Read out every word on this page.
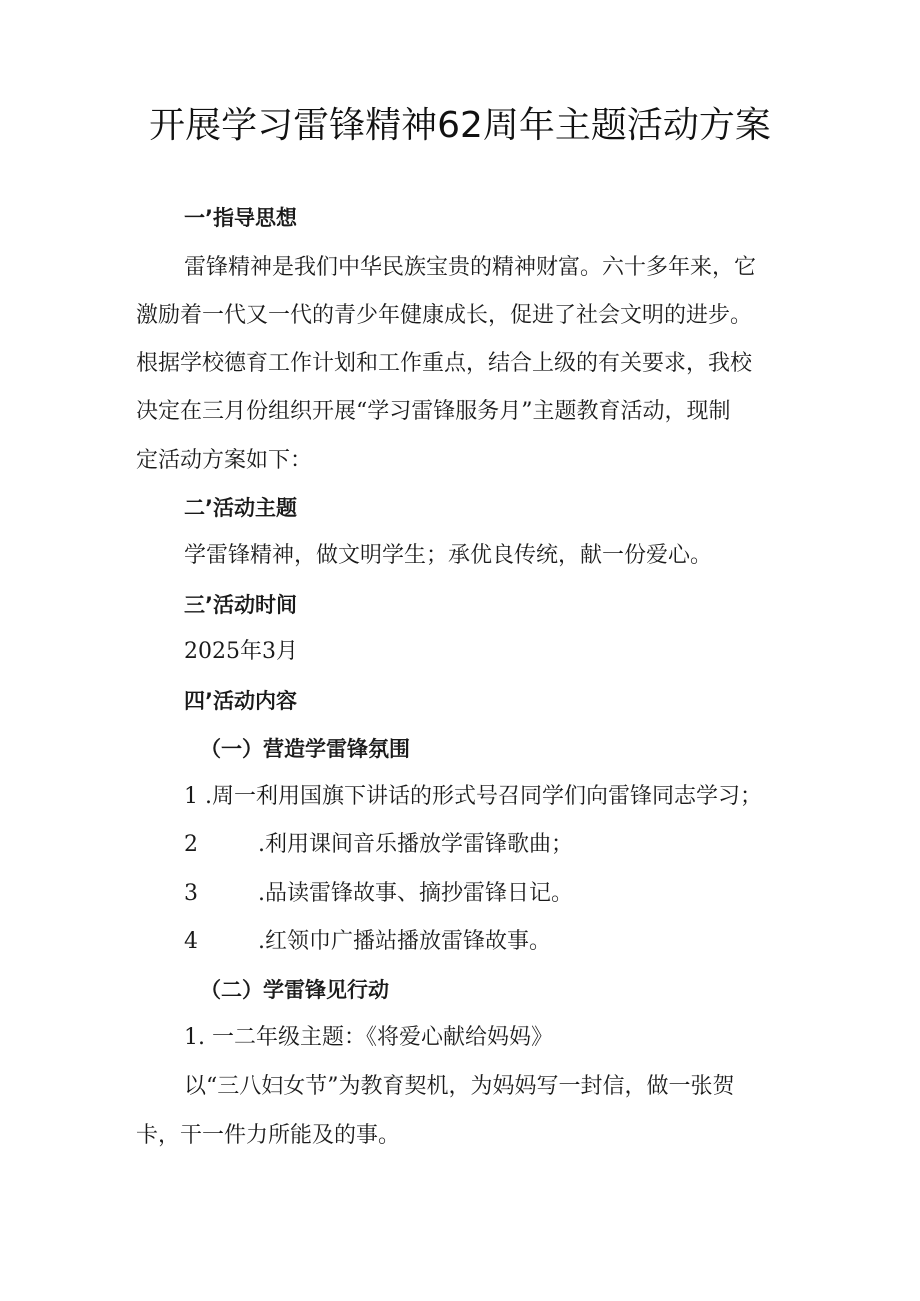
开展学习雷锋精神62周年主题活动方案
一’指导思想
雷锋精神是我们中华民族宝贵的精神财富。六十多年来，它
激励着一代又一代的青少年健康成长，促进了社会文明的进步。
根据学校德育工作计划和工作重点，结合上级的有关要求，我校
决定在三月份组织开展“学习雷锋服务月”主题教育活动，现制
定活动方案如下：
二’活动主题
学雷锋精神，做文明学生；承优良传统，献一份爱心。
三’活动时间
2025年3月
四’活动内容
（一）营造学雷锋氛围
1 .周一利用国旗下讲话的形式号召同学们向雷锋同志学习；
2	.利用课间音乐播放学雷锋歌曲；
3	.品读雷锋故事、摘抄雷锋日记。
4	.红领巾广播站播放雷锋故事。
（二）学雷锋见行动
1. 一二年级主题：《将爱心献给妈妈》
以“三八妇女节”为教育契机，为妈妈写一封信，做一张贺
卡，干一件力所能及的事。
